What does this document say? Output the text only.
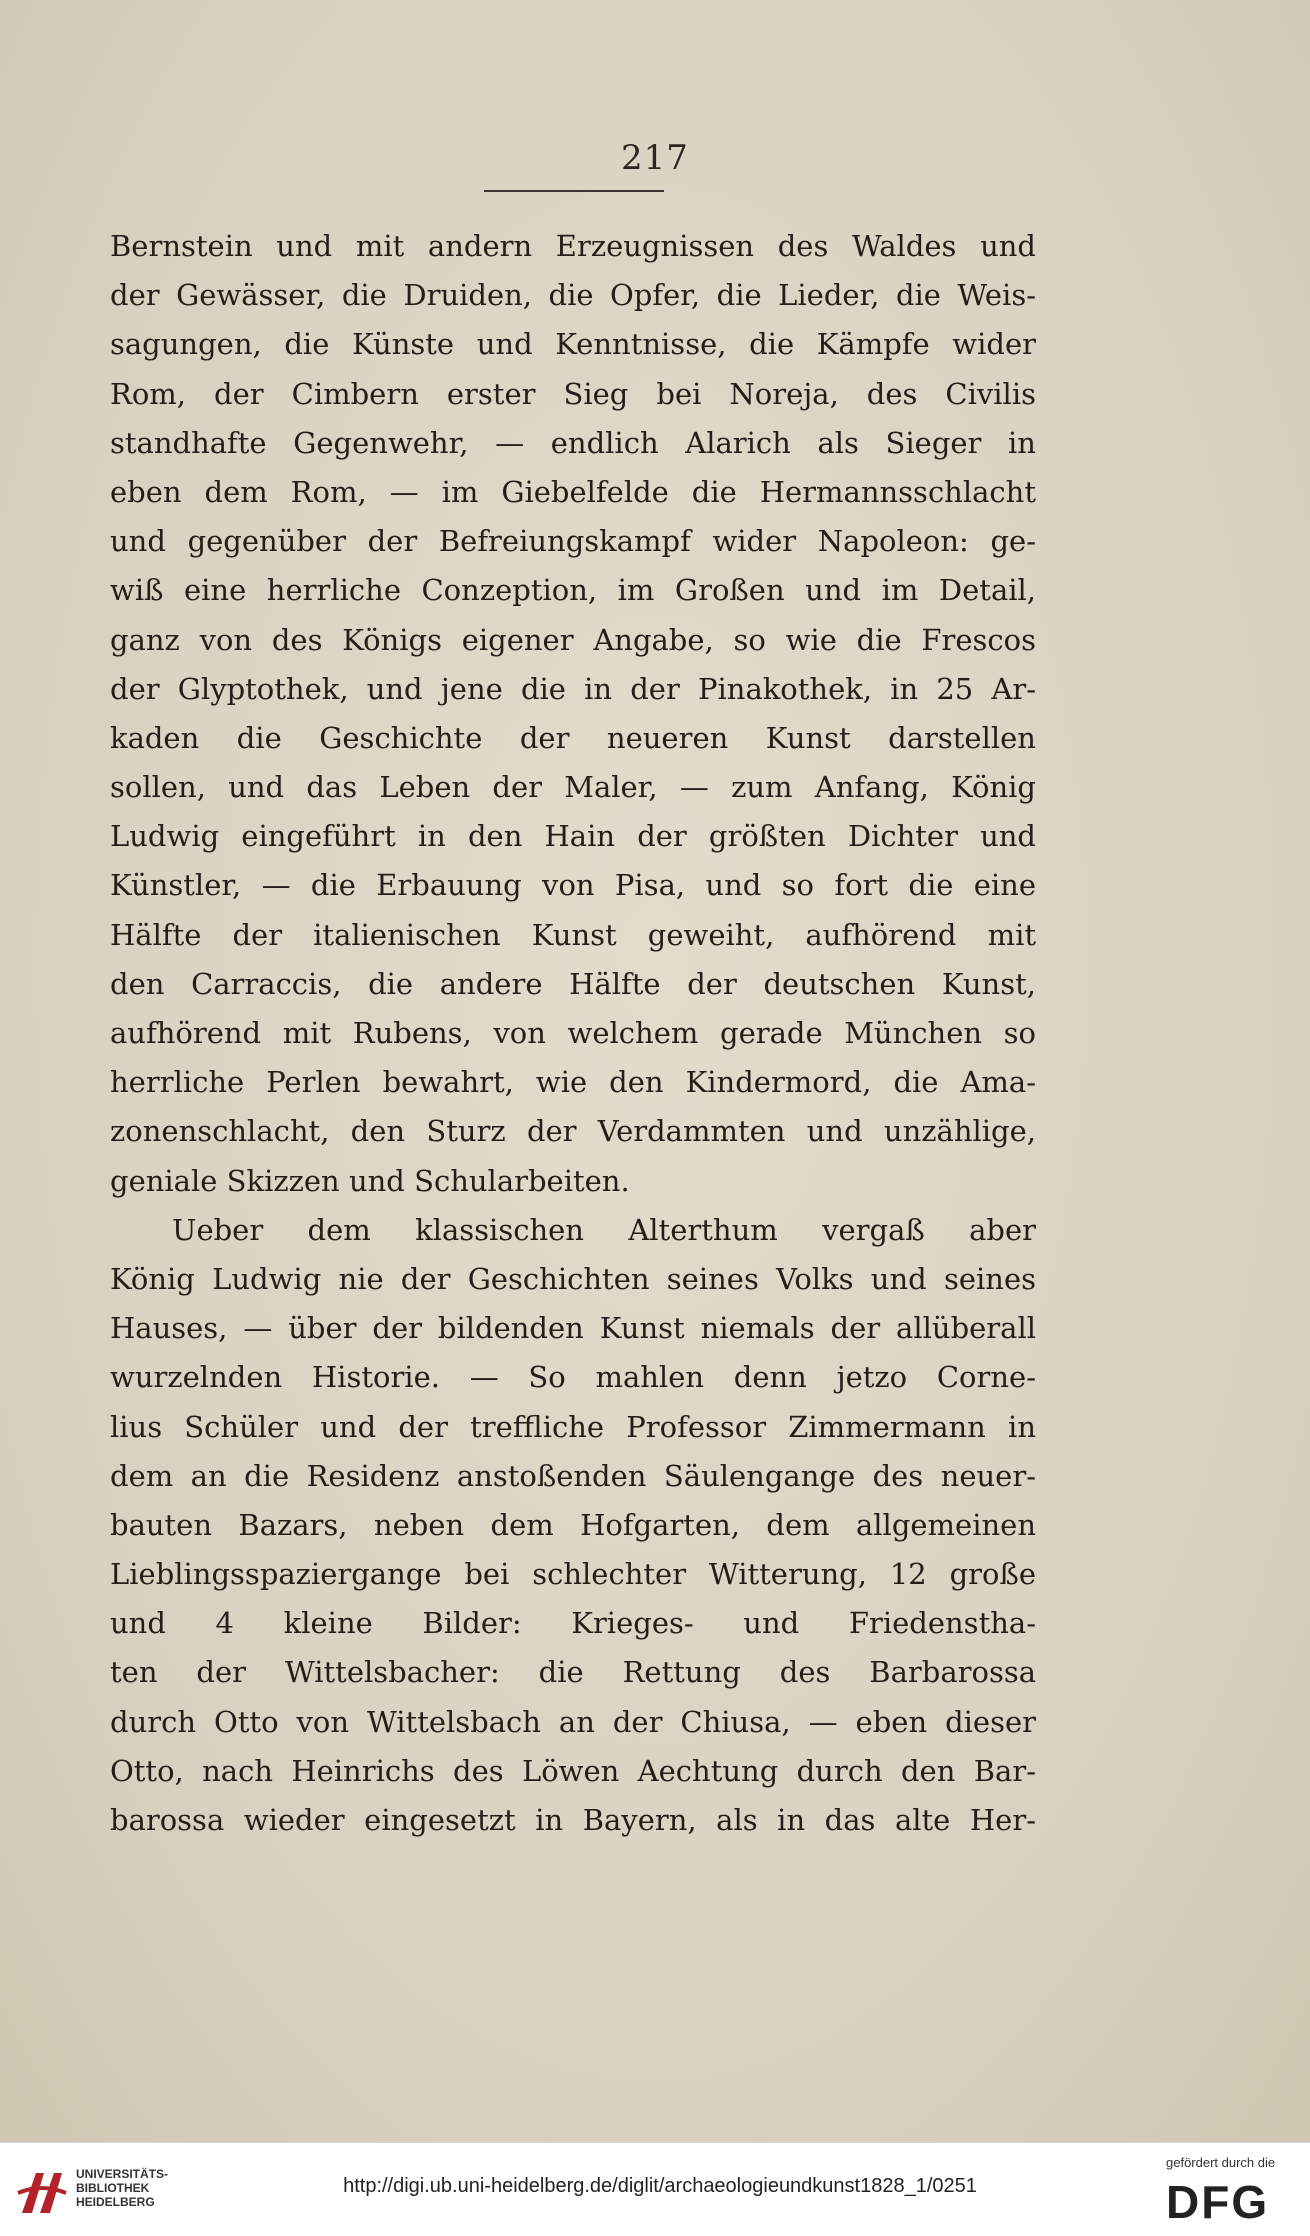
217
Bernstein und mit andern Erzeugnissen des Waldes und
der Gewässer, die Druiden, die Opfer, die Lieder, die Weis-
sagungen, die Künste und Kenntnisse, die Kämpfe wider
Rom, der Cimbern erster Sieg bei Noreja, des Civilis
standhafte Gegenwehr, — endlich Alarich als Sieger in
eben dem Rom, — im Giebelfelde die Hermannsschlacht
und gegenüber der Befreiungskampf wider Napoleon: ge-
wiß eine herrliche Conzeption, im Großen und im Detail,
ganz von des Königs eigener Angabe, so wie die Frescos
der Glyptothek, und jene die in der Pinakothek, in 25 Ar-
kaden die Geschichte der neueren Kunst darstellen
sollen, und das Leben der Maler, — zum Anfang, König
Ludwig eingeführt in den Hain der größten Dichter und
Künstler, — die Erbauung von Pisa, und so fort die eine
Hälfte der italienischen Kunst geweiht, aufhörend mit
den Carraccis, die andere Hälfte der deutschen Kunst,
aufhörend mit Rubens, von welchem gerade München so
herrliche Perlen bewahrt, wie den Kindermord, die Ama-
zonenschlacht, den Sturz der Verdammten und unzählige,
geniale Skizzen und Schularbeiten.
Ueber dem klassischen Alterthum vergaß aber
König Ludwig nie der Geschichten seines Volks und seines
Hauses, — über der bildenden Kunst niemals der allüberall
wurzelnden Historie. — So mahlen denn jetzo Corne-
lius Schüler und der treffliche Professor Zimmermann in
dem an die Residenz anstoßenden Säulengange des neuer-
bauten Bazars, neben dem Hofgarten, dem allgemeinen
Lieblingsspaziergange bei schlechter Witterung, 12 große
und 4 kleine Bilder: Krieges- und Friedenstha-
ten der Wittelsbacher: die Rettung des Barbarossa
durch Otto von Wittelsbach an der Chiusa, — eben dieser
Otto, nach Heinrichs des Löwen Aechtung durch den Bar-
barossa wieder eingesetzt in Bayern, als in das alte Her-
UNIVERSITÄTS-
BIBLIOTHEK
HEIDELBERG
http://digi.ub.uni-heidelberg.de/diglit/archaeologieundkunst1828_1/0251
gefördert durch die
DFG
